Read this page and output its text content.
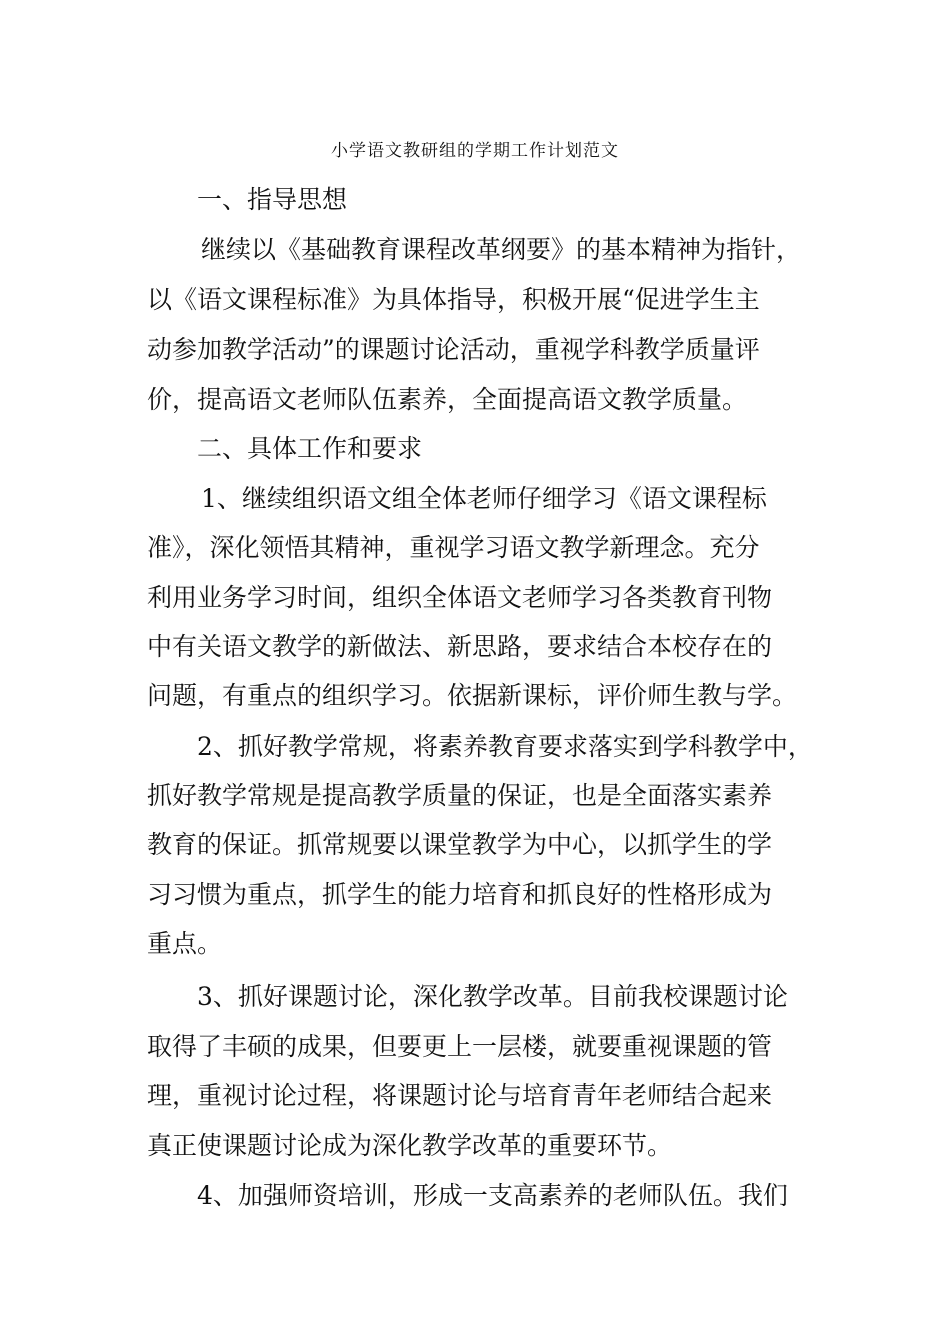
小学语文教研组的学期工作计划范文
一、指导思想
继续以《基础教育课程改革纲要》的基本精神为指针，
以《语文课程标准》为具体指导，积极开展“促进学生主
动参加教学活动”的课题讨论活动，重视学科教学质量评
价，提高语文老师队伍素养，全面提高语文教学质量。
二、具体工作和要求
1、继续组织语文组全体老师仔细学习《语文课程标
准》，深化领悟其精神，重视学习语文教学新理念。充分
利用业务学习时间，组织全体语文老师学习各类教育刊物
中有关语文教学的新做法、新思路，要求结合本校存在的
问题，有重点的组织学习。依据新课标，评价师生教与学。
2、抓好教学常规，将素养教育要求落实到学科教学中，
抓好教学常规是提高教学质量的保证，也是全面落实素养
教育的保证。抓常规要以课堂教学为中心，以抓学生的学
习习惯为重点，抓学生的能力培育和抓良好的性格形成为
重点。
3、抓好课题讨论，深化教学改革。目前我校课题讨论
取得了丰硕的成果，但要更上一层楼，就要重视课题的管
理，重视讨论过程，将课题讨论与培育青年老师结合起来
真正使课题讨论成为深化教学改革的重要环节。
4、加强师资培训，形成一支高素养的老师队伍。我们
